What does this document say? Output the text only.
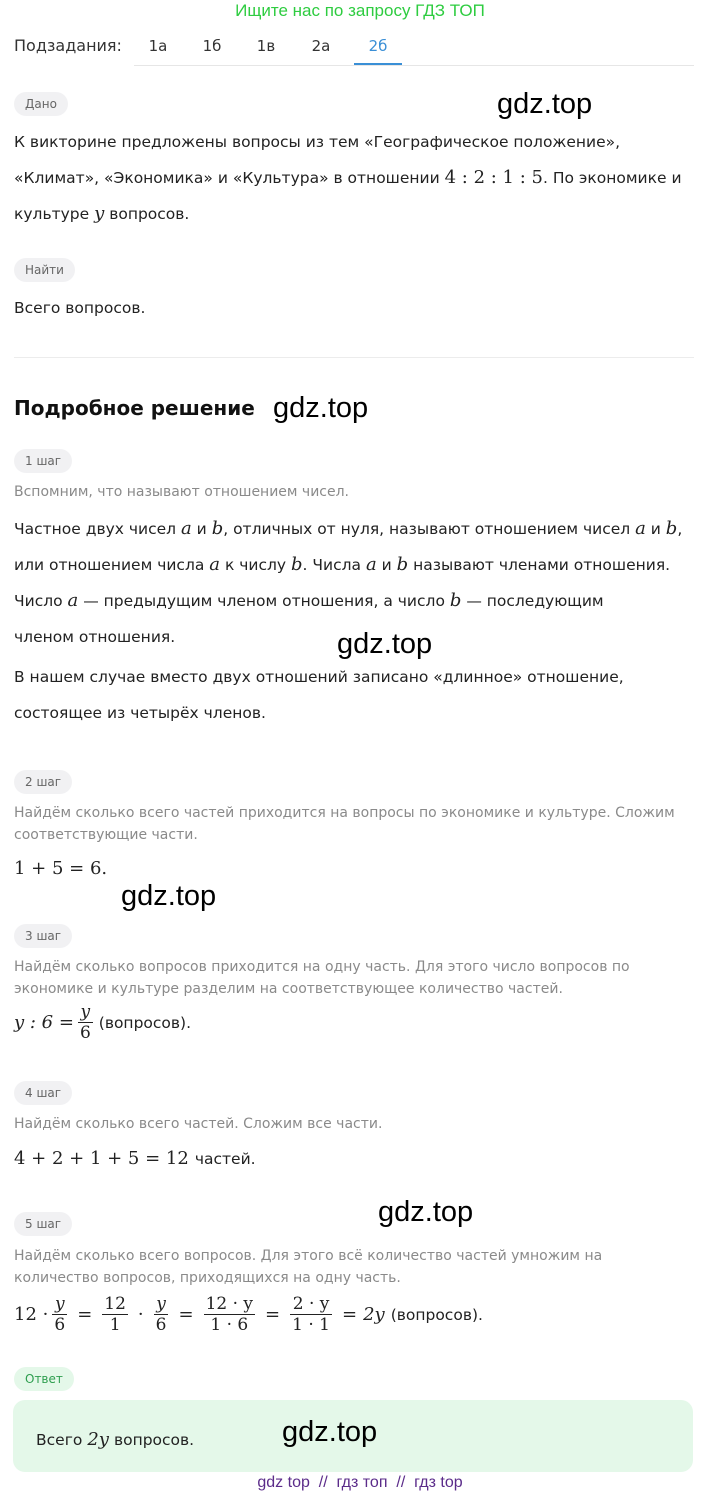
Ищите нас по запросу ГДЗ ТОП
Подзадания:	1а	1б	1в	2а	2б
Дано
К викторине предложены вопросы из тем «Географическое положение»,
«Климат», «Экономика» и «Культура» в отношении 4 : 2 : 1 : 5. По экономике и
культуре y вопросов.
Найти
Всего вопросов.
Подробное решение
1 шаг
Вспомним, что называют отношением чисел.
Частное двух чисел a и b, отличных от нуля, называют отношением чисел a и b,
или отношением числа a к числу b. Числа a и b называют членами отношения.
Число a — предыдущим членом отношения, а число b — последующим
членом отношения.
В нашем случае вместо двух отношений записано «длинное» отношение,
состоящее из четырёх членов.
2 шаг
Найдём сколько всего частей приходится на вопросы по экономике и культуре. Сложим
соответствующие части.
1 + 5 = 6.
3 шаг
Найдём сколько вопросов приходится на одну часть. Для этого число вопросов по
экономике и культуре разделим на соответствующее количество частей.
y : $6 = \frac{y}{6}$ (вопросов).
4 шаг
Найдём сколько всего частей. Сложим все части.
4 + 2 + 1 + 5 = 12 частей.
5 шаг
Найдём сколько всего вопросов. Для этого всё количество частей умножим на
количество вопросов, приходящихся на одну часть.
$12 \cdot \frac{y}{6} = \frac{12}{1} \cdot \frac{y}{6} = \frac{12 \cdot y}{1 \cdot 6} = \frac{2 \cdot y}{1 \cdot 1} = 2y$ (вопросов).
Ответ
Всего 2y вопросов.
gdz.top
gdz.top
gdz.top
gdz.top
gdz.top
gdz.top
gdz top  //  гдз топ  //  гдз top
